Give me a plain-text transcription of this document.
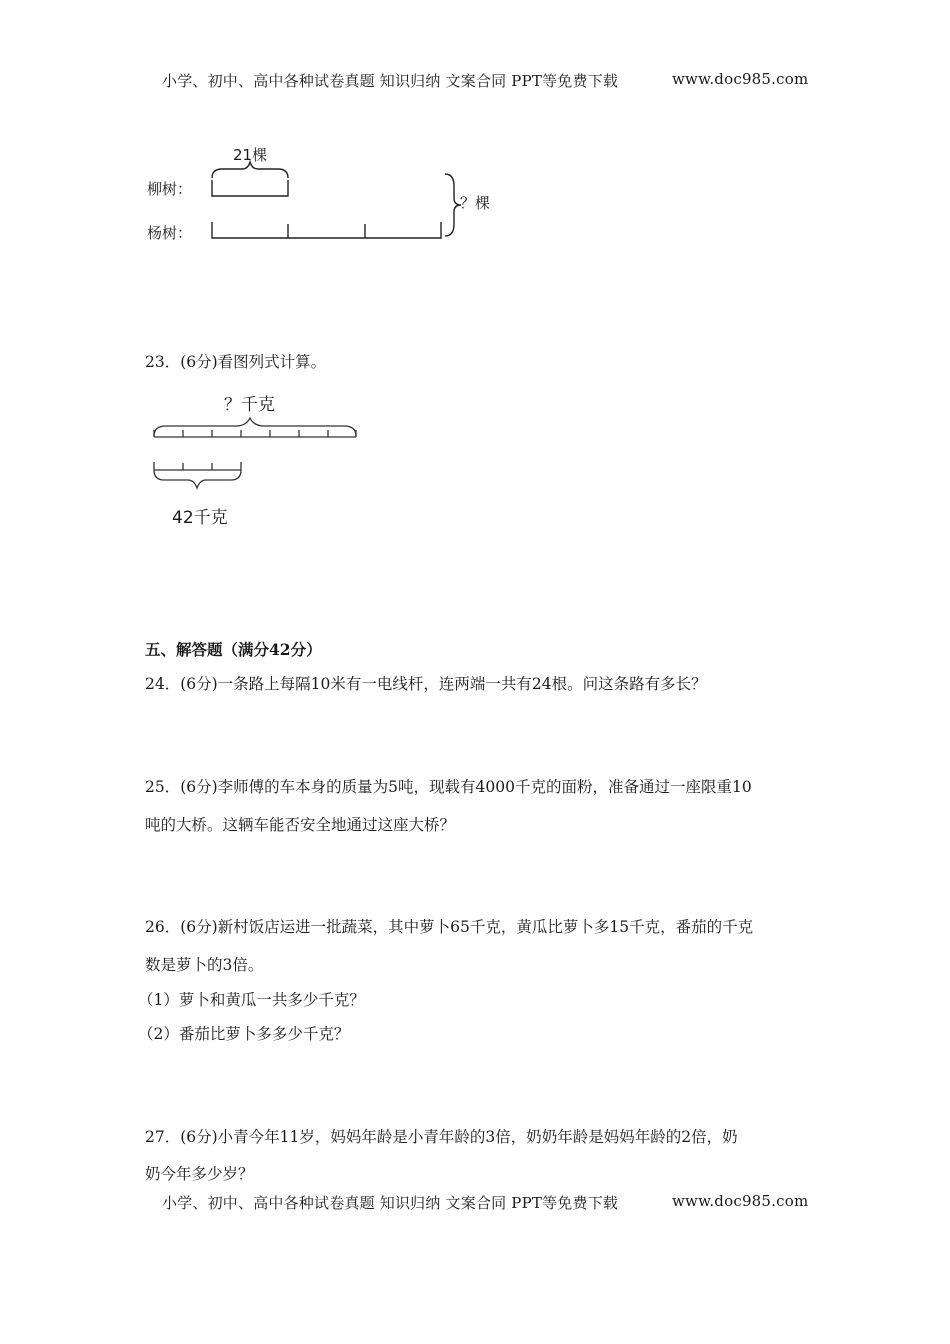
小学、初中、高中各种试卷真题 知识归纳 文案合同 PPT等免费下载	www.doc985.com
21棵
柳树：
杨树：
？棵
23．(6分)看图列式计算。
？千克
42千克
五、解答题（满分42分）
24．(6分)一条路上每隔10米有一电线杆，连两端一共有24根。问这条路有多长？
25．(6分)李师傅的车本身的质量为5吨，现载有4000千克的面粉，准备通过一座限重10
吨的大桥。这辆车能否安全地通过这座大桥？
26．(6分)新村饭店运进一批蔬菜，其中萝卜65千克，黄瓜比萝卜多15千克，番茄的千克
数是萝卜的3倍。
（1）萝卜和黄瓜一共多少千克？
（2）番茄比萝卜多多少千克？
27．(6分)小青今年11岁，妈妈年龄是小青年龄的3倍，奶奶年龄是妈妈年龄的2倍，奶
奶今年多少岁？
小学、初中、高中各种试卷真题 知识归纳 文案合同 PPT等免费下载	www.doc985.com
